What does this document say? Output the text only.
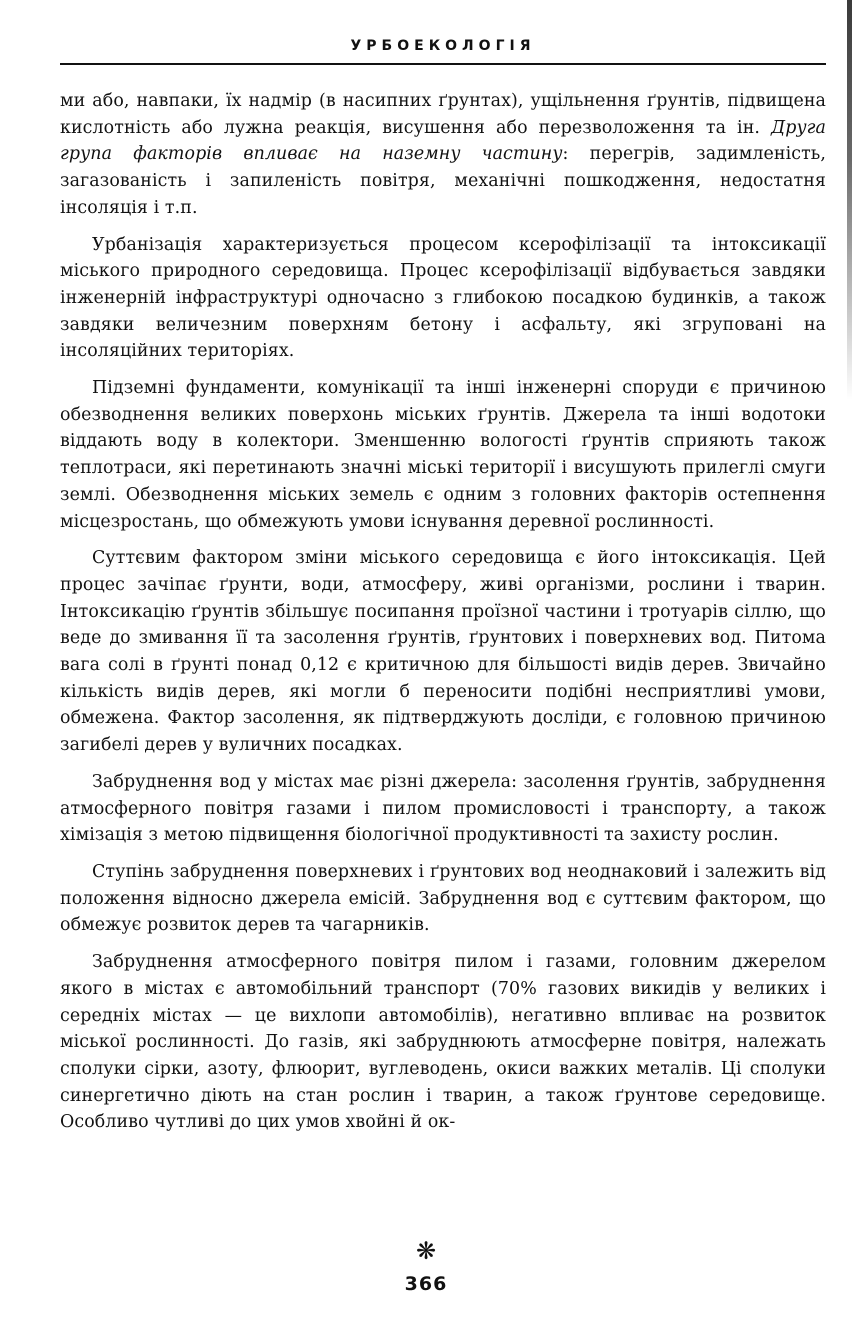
УРБОЕКОЛОГІЯ

ми або, навпаки, їх надмір (в насипних ґрунтах), ущільнення ґрунтів, підвищена кислотність або лужна реакція, висушення або перезволоження та ін. Друга група факторів впливає на наземну частину: перегрів, задимленість, загазованість і запиленість повітря, механічні пошкодження, недостатня інсоляція і т.п.

Урбанізація характеризується процесом ксерофілізації та інтоксикації міського природного середовища. Процес ксерофілізації відбувається завдяки інженерній інфраструктурі одночасно з глибокою посадкою будинків, а також завдяки величезним поверхням бетону і асфальту, які згруповані на інсоляційних територіях.

Підземні фундаменти, комунікації та інші інженерні споруди є причиною обезводнення великих поверхонь міських ґрунтів. Джерела та інші водотоки віддають воду в колектори. Зменшенню вологості ґрунтів сприяють також теплотраси, які перетинають значні міські території і висушують прилеглі смуги землі. Обезводнення міських земель є одним з головних факторів остепнення місцезростань, що обмежують умови існування деревної рослинності.

Суттєвим фактором зміни міського середовища є його інтоксикація. Цей процес зачіпає ґрунти, води, атмосферу, живі організми, рослини і тварин. Інтоксикацію ґрунтів збільшує посипання проїзної частини і тротуарів сіллю, що веде до змивання її та засолення ґрунтів, ґрунтових і поверхневих вод. Питома вага солі в ґрунті понад 0,12 є критичною для більшості видів дерев. Звичайно кількість видів дерев, які могли б переносити подібні несприятливі умови, обмежена. Фактор засолення, як підтверджують досліди, є головною причиною загибелі дерев у вуличних посадках.

Забруднення вод у містах має різні джерела: засолення ґрунтів, забруднення атмосферного повітря газами і пилом промисловості і транспорту, а також хімізація з метою підвищення біологічної продуктивності та захисту рослин.

Ступінь забруднення поверхневих і ґрунтових вод неоднаковий і залежить від положення відносно джерела емісій. Забруднення вод є суттєвим фактором, що обмежує розвиток дерев та чагарників.

Забруднення атмосферного повітря пилом і газами, головним джерелом якого в містах є автомобільний транспорт (70% газових викидів у великих і середніх містах — це вихлопи автомобілів), негативно впливає на розвиток міської рослинності. До газів, які забруднюють атмосферне повітря, належать сполуки сірки, азоту, флюорит, вуглеводень, окиси важких металів. Ці сполуки синергетично діють на стан рослин і тварин, а також ґрунтове середовище. Особливо чутливі до цих умов хвойні й ок-

❋
366
